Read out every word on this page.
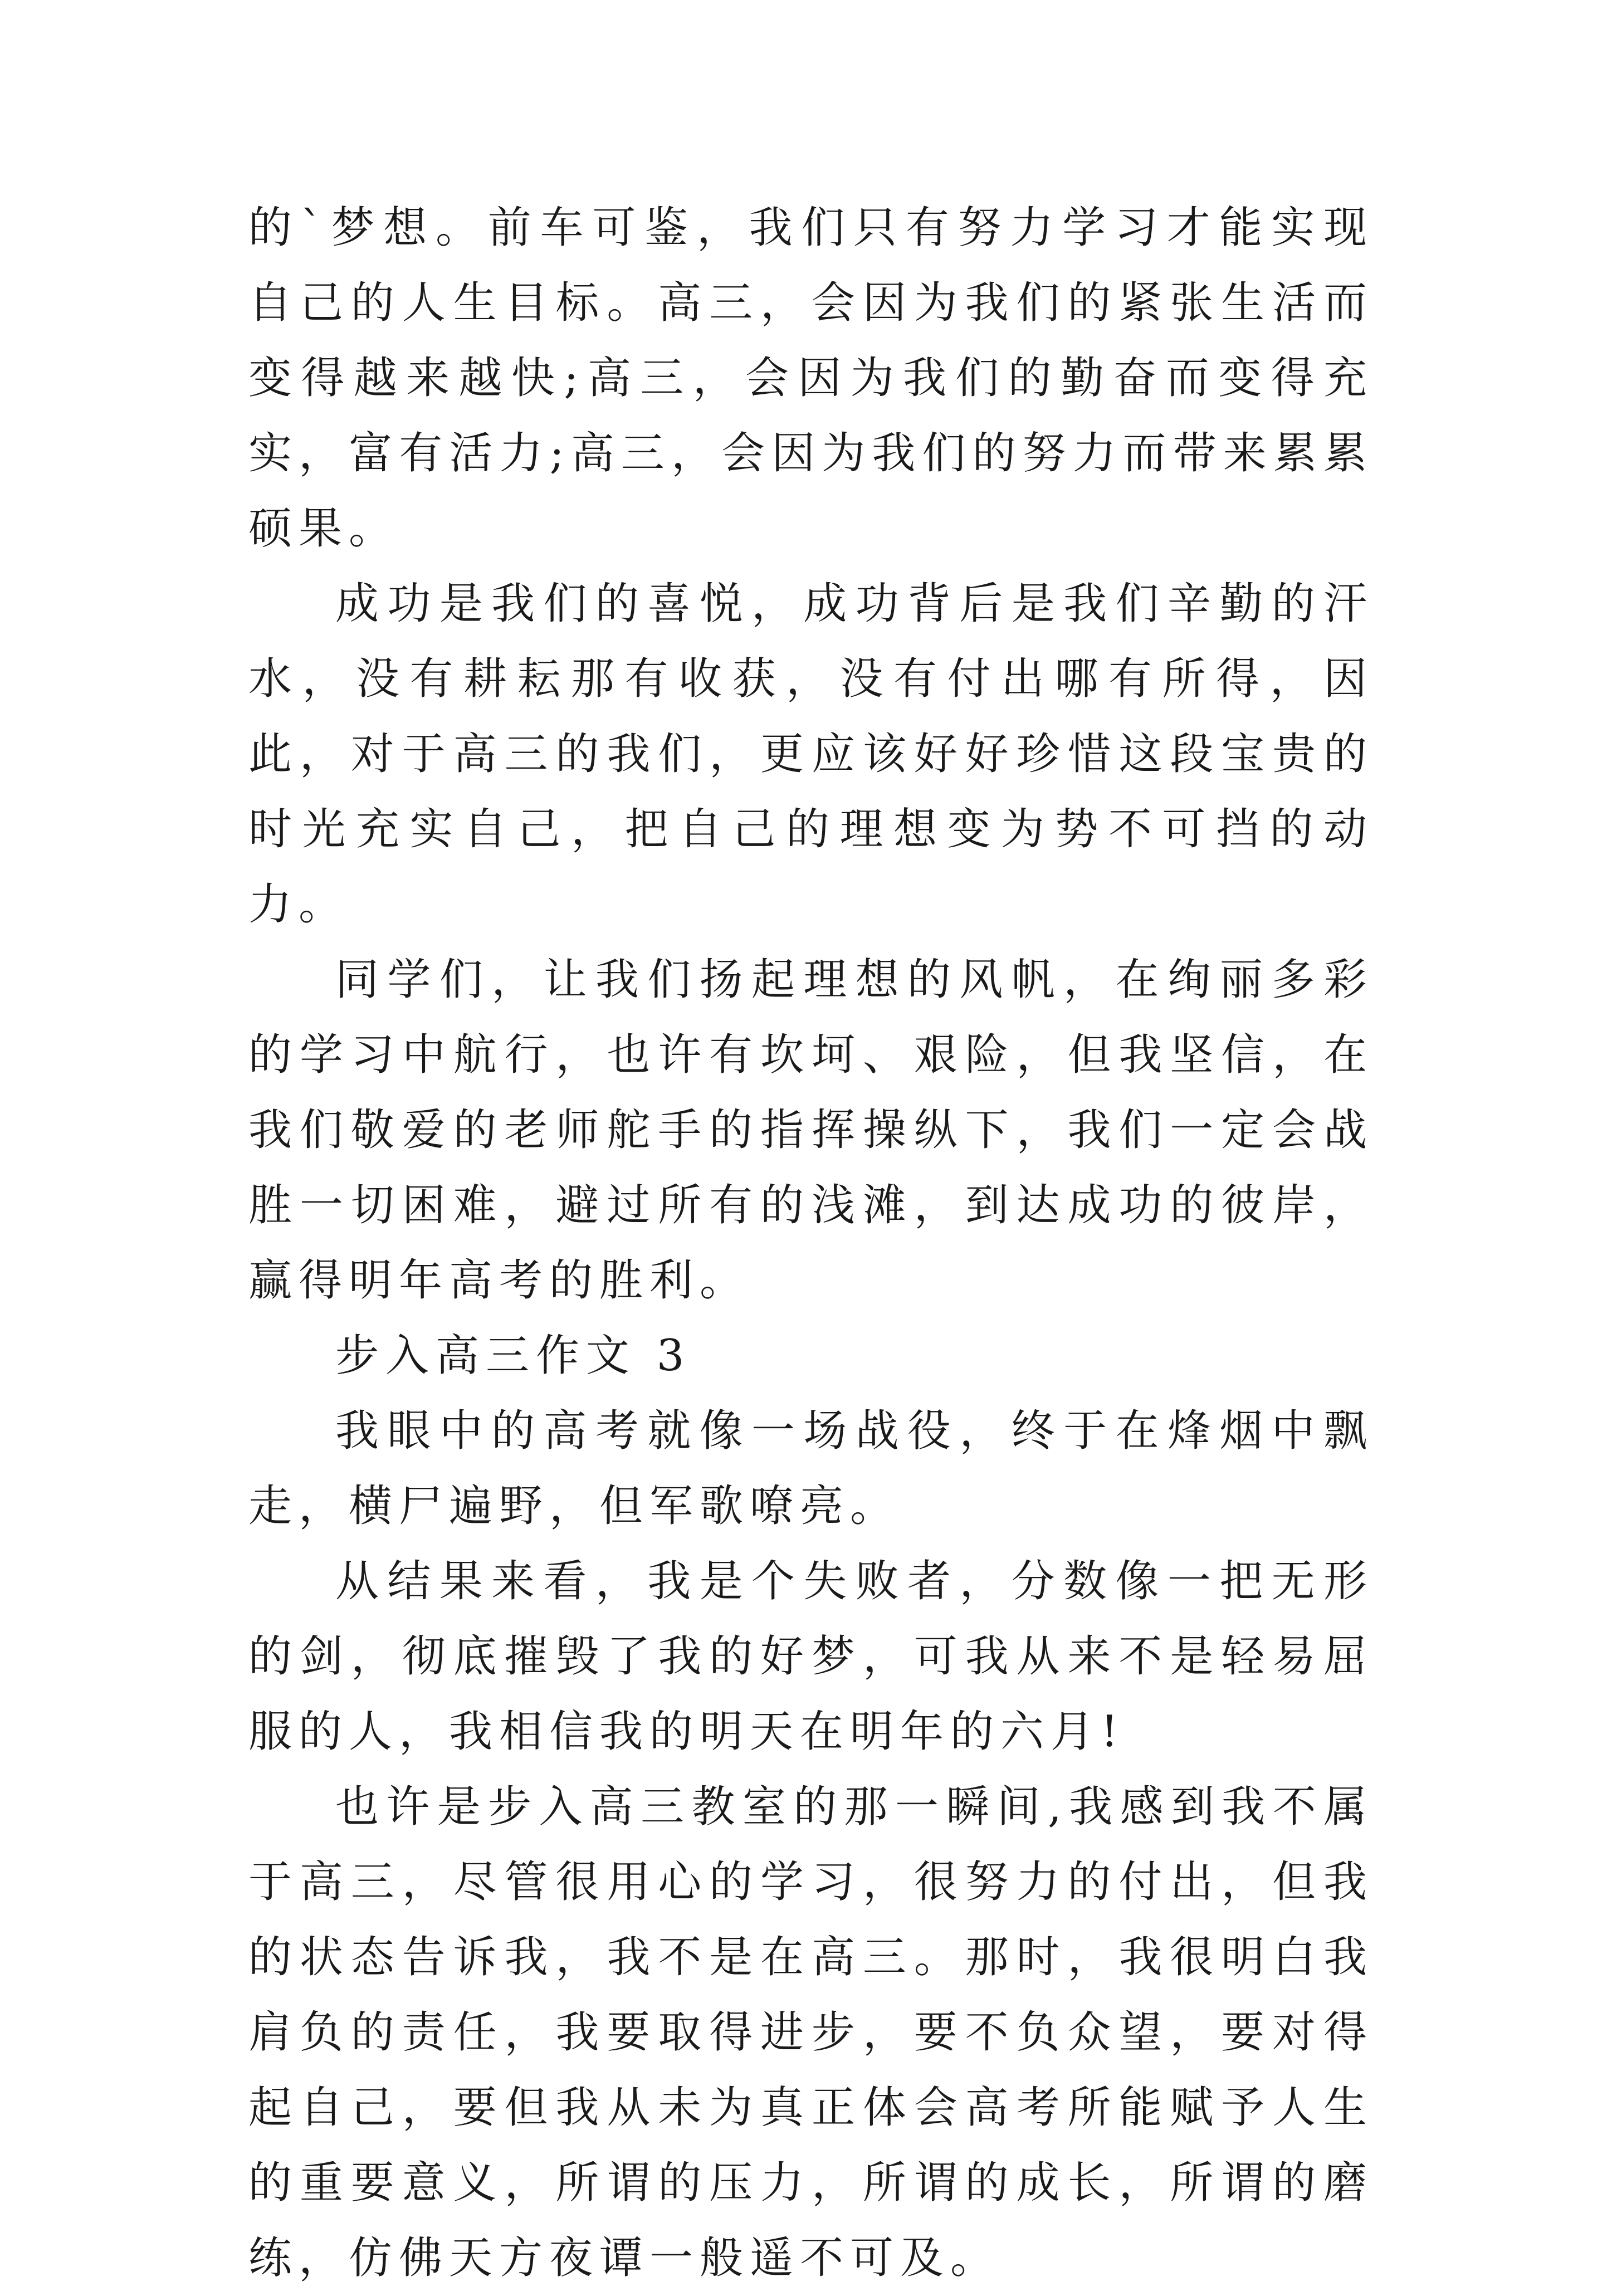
的`梦想。前车可鉴，我们只有努力学习才能实现自己的人生目标。高三，会因为我们的紧张生活而变得越来越快;高三，会因为我们的勤奋而变得充实，富有活力;高三，会因为我们的努力而带来累累硕果。

成功是我们的喜悦，成功背后是我们辛勤的汗水，没有耕耘那有收获，没有付出哪有所得，因此，对于高三的我们，更应该好好珍惜这段宝贵的时光充实自己，把自己的理想变为势不可挡的动力。

同学们，让我们扬起理想的风帆，在绚丽多彩的学习中航行，也许有坎坷、艰险，但我坚信，在我们敬爱的老师舵手的指挥操纵下，我们一定会战胜一切困难，避过所有的浅滩，到达成功的彼岸，赢得明年高考的胜利。

步入高三作文 3

我眼中的高考就像一场战役，终于在烽烟中飘走，横尸遍野，但军歌嘹亮。

从结果来看，我是个失败者，分数像一把无形的剑，彻底摧毁了我的好梦，可我从来不是轻易屈服的人，我相信我的明天在明年的六月!

也许是步入高三教室的那一瞬间,我感到我不属于高三，尽管很用心的学习，很努力的付出，但我的状态告诉我，我不是在高三。那时，我很明白我肩负的责任，我要取得进步，要不负众望，要对得起自己，要但我从未为真正体会高考所能赋予人生的重要意义，所谓的压力，所谓的成长，所谓的磨练，仿佛天方夜谭一般遥不可及。
